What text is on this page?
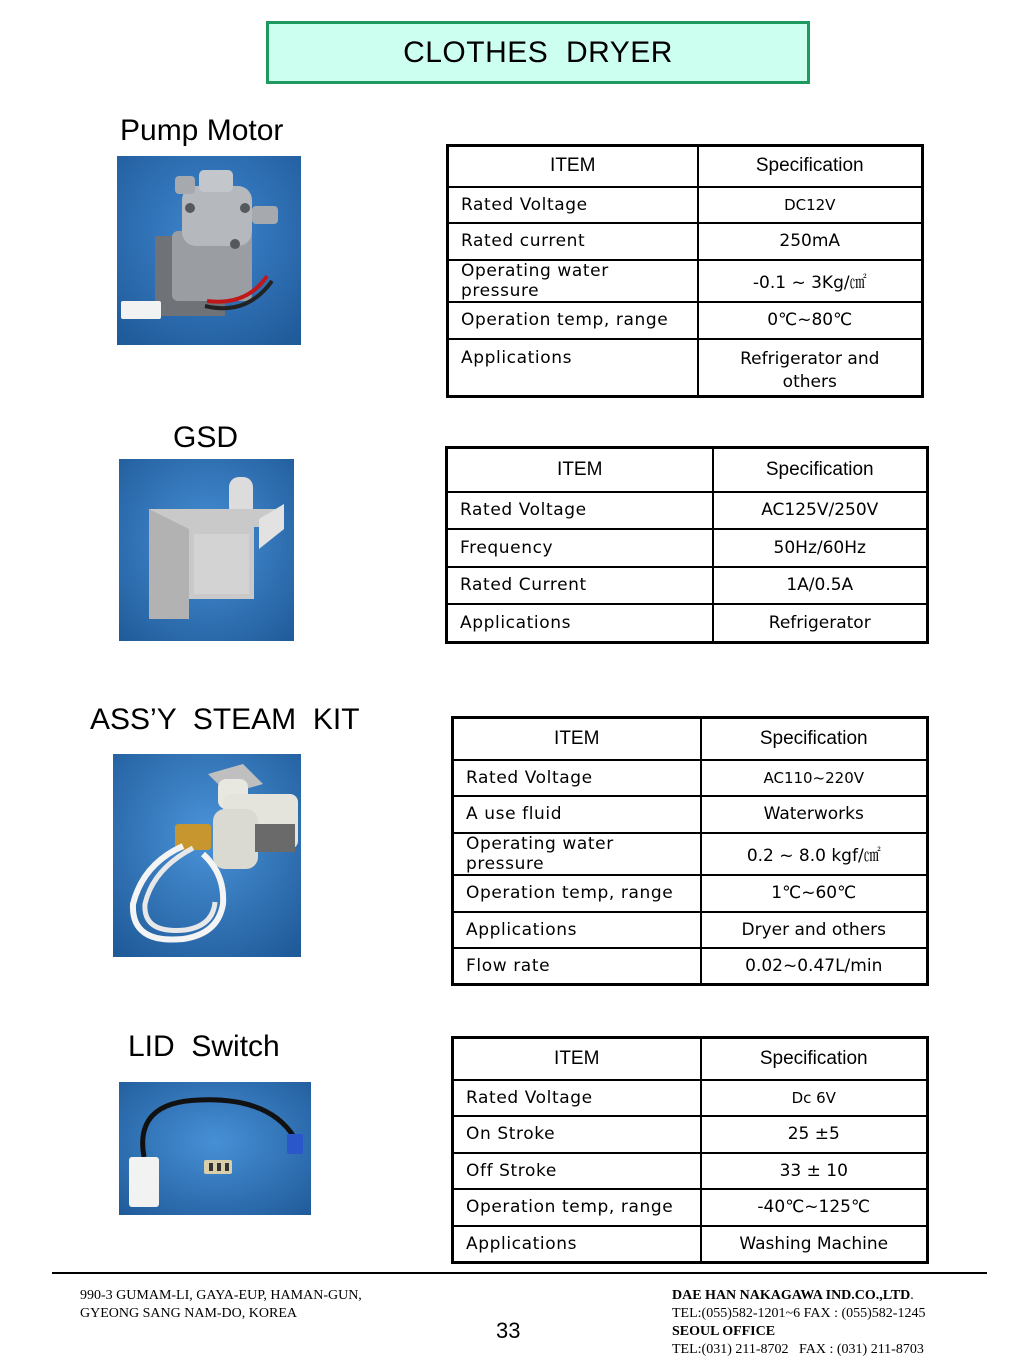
CLOTHES  DRYER
Pump Motor
GSD
ASS’Y  STEAM  KIT
LID  Switch
ITEM	Specification
Rated Voltage	DC12V
Rated current	250mA
Operating water pressure	-0.1 ~ 3Kg/㎠
Operation temp, range	0℃~80℃
Applications	Refrigerator and others
ITEM	Specification
Rated Voltage	AC125V/250V
Frequency	50Hz/60Hz
Rated Current	1A/0.5A
Applications	Refrigerator
ITEM	Specification
Rated Voltage	AC110~220V
A use fluid	Waterworks
Operating water pressure	0.2 ~ 8.0 kgf/㎠
Operation temp, range	1℃~60℃
Applications	Dryer and others
Flow rate	0.02~0.47L/min
ITEM	Specification
Rated Voltage	Dc 6V
On Stroke	25 ±5
Off Stroke	33 ± 10
Operation temp, range	-40℃~125℃
Applications	Washing Machine
990-3 GUMAM-LI, GAYA-EUP, HAMAN-GUN,
GYEONG SANG NAM-DO, KOREA
33
DAE HAN NAKAGAWA IND.CO.,LTD.
TEL:(055)582-1201~6 FAX : (055)582-1245
SEOUL OFFICE
TEL:(031) 211-8702   FAX : (031) 211-8703
